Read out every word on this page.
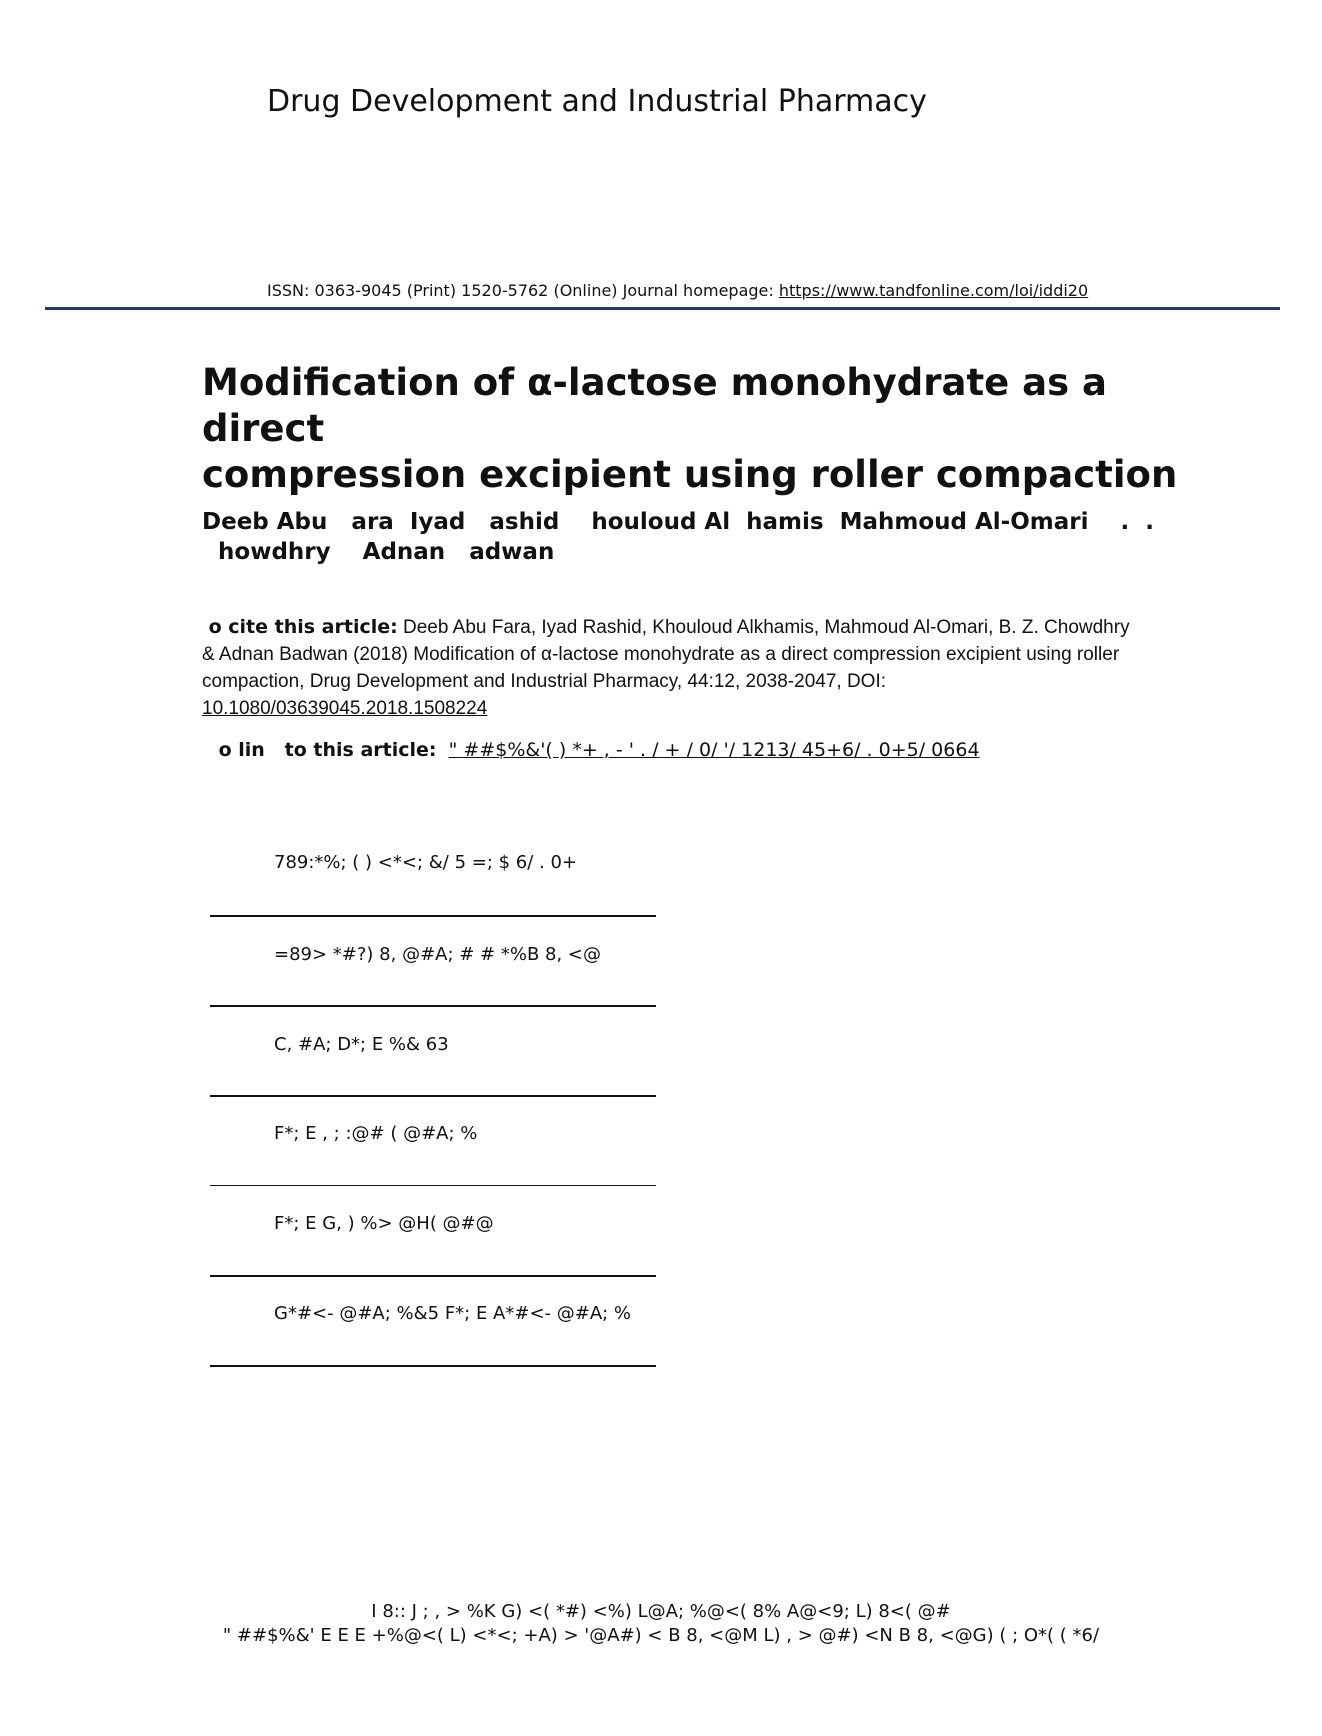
Drug Development and Industrial Pharmacy
ISSN: 0363-9045 (Print) 1520-5762 (Online) Journal homepage: https://www.tandfonline.com/loi/iddi20
Modification of α-lactose monohydrate as a direct
compression excipient using roller compaction
Deeb Abu   ara  Iyad   ashid    houloud Al  hamis  Mahmoud Al-Omari    .  .
howdhry    Adnan   adwan
o cite this article: Deeb Abu Fara, Iyad Rashid, Khouloud Alkhamis, Mahmoud Al-Omari, B. Z. Chowdhry & Adnan Badwan (2018) Modification of α-lactose monohydrate as a direct compression excipient using roller compaction, Drug Development and Industrial Pharmacy, 44:12, 2038-2047, DOI: 10.1080/03639045.2018.1508224
o lin   to this article: " ##$%&'( ) *+ , - ' . / + / 0/ '/ 1213/ 45+6/ . 0+5/ 0664
789:*%; ( ) <*<; &/ 5 =; $ 6/ . 0+
=89> *#?) 8, @#A; # # *%B 8, <@
C, #A; D*; E %& 63
F*; E , ; :@# ( @#A; %
F*; E G, ) %> @H( @#@
G*#<- @#A; %&5 F*; E A*#<- @#A; %
I 8:: J ; , > %K G) <( *#) <%) L@A; %@<( 8% A@<9; L) 8<( @#
" ##$%&' E E E +%@<( L) <*<; +A) > '@A#) < B 8, <@M L) , > @#) <N B 8, <@G) ( ; O*( ( *6/
